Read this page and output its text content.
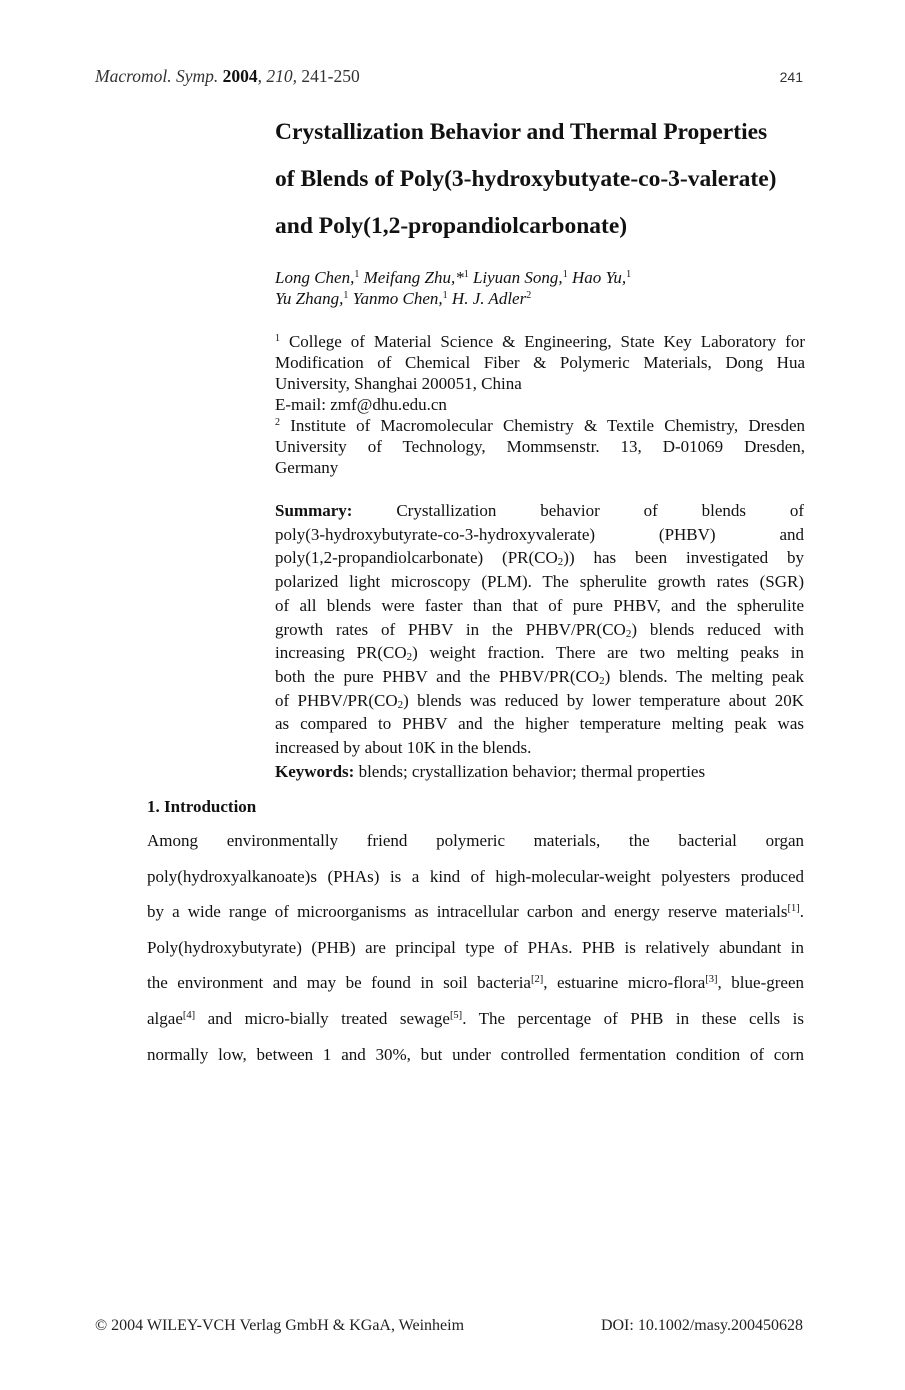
Macromol. Symp. 2004, 210, 241-250	241
Crystallization Behavior and Thermal Properties
of Blends of Poly(3-hydroxybutyate-co-3-valerate)
and Poly(1,2-propandiolcarbonate)
Long Chen,$^1$ Meifang Zhu,*$^1$ Liyuan Song,$^1$ Hao Yu,$^1$
Yu Zhang,$^1$ Yanmo Chen,$^1$ H. J. Adler$^2$
$^1$ College of Material Science & Engineering, State Key Laboratory for
Modification of Chemical Fiber & Polymeric Materials, Dong Hua
University, Shanghai 200051, China
E-mail: zmf@dhu.edu.cn
$^2$ Institute of Macromolecular Chemistry & Textile Chemistry, Dresden
University of Technology, Mommsenstr. 13, D-01069 Dresden,
Germany
Summary:	Crystallization behavior of blends of
poly(3-hydroxybutyrate-co-3-hydroxyvalerate) (PHBV) and
poly(1,2-propandiolcarbonate) $(PR(CO_2))$ has been investigated by
polarized light microscopy (PLM). The spherulite growth rates (SGR)
of all blends were faster than that of pure PHBV, and the spherulite
growth rates of PHBV in the PHBV/$PR(CO_2)$ blends reduced with
increasing $PR(CO_2)$ weight fraction. There are two melting peaks in
both the pure PHBV and the PHBV/$PR(CO_2)$ blends. The melting peak
of PHBV/$PR(CO_2)$ blends was reduced by lower temperature about 20K
as compared to PHBV and the higher temperature melting peak was
increased by about 10K in the blends.
Keywords: blends; crystallization behavior; thermal properties
1. Introduction
Among environmentally friend polymeric materials, the bacterial organ
poly(hydroxyalkanoate)s (PHAs) is a kind of high-molecular-weight polyesters produced
by a wide range of microorganisms as intracellular carbon and energy reserve materials[1].
Poly(hydroxybutyrate) (PHB) are principal type of PHAs. PHB is relatively abundant in
the environment and may be found in soil bacteria[2], estuarine micro-flora[3], blue-green
algae[4] and micro-bially treated sewage[5]. The percentage of PHB in these cells is
normally low, between 1 and 30%, but under controlled fermentation condition of corn
© 2004 WILEY-VCH Verlag GmbH & KGaA, Weinheim	DOI: 10.1002/masy.200450628
